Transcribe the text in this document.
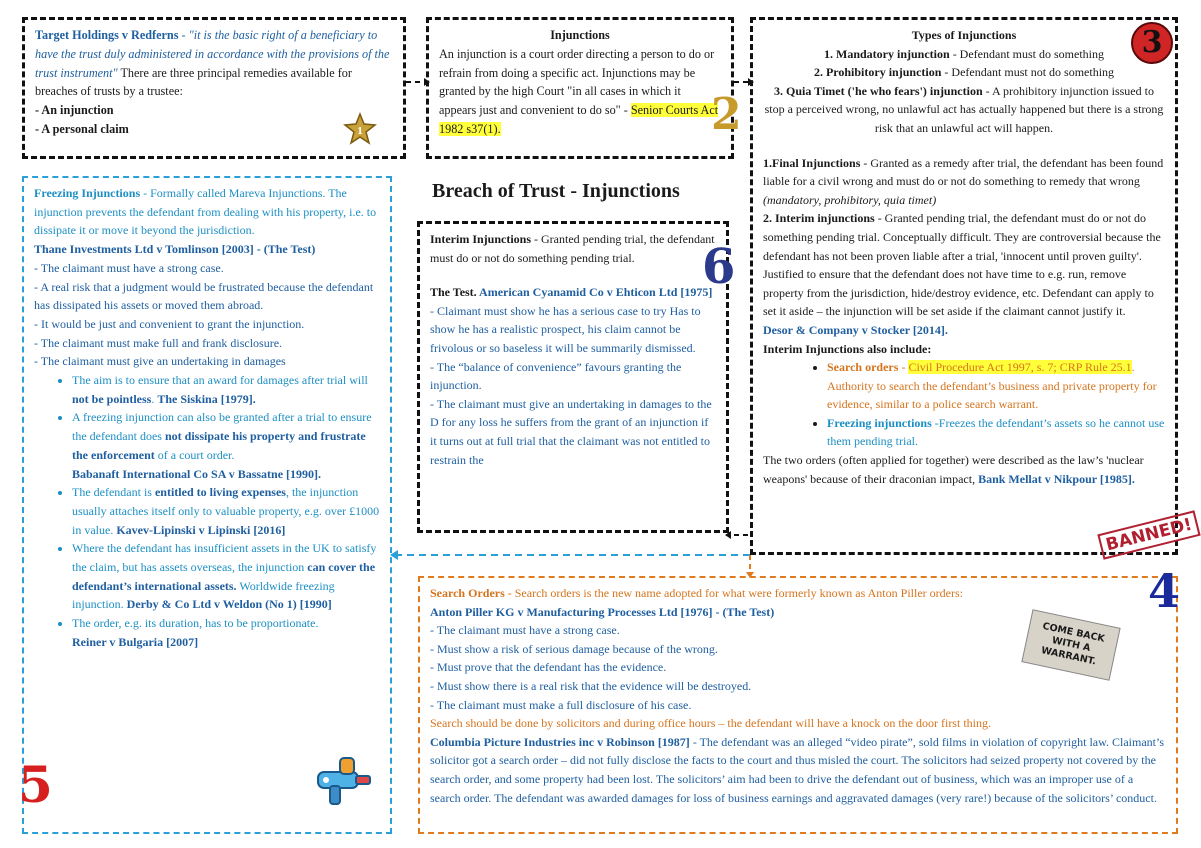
Breach of Trust - Injunctions
Target Holdings v Redferns - "it is the basic right of a beneficiary to have the trust duly administered in accordance with the provisions of the trust instrument" There are three principal remedies available for breaches of trusts by a trustee:
- An injunction
- A personal claim	1
Injunctions
An injunction is a court order directing a person to do or refrain from doing a specific act. Injunctions may be granted by the high Court "in all cases in which it appears just and convenient to do so" - Senior Courts Act 1982 s37(1).	2
Types of Injunctions
1. Mandatory injunction - Defendant must do something
2. Prohibitory injunction - Defendant must not do something
3. Quia Timet ('he who fears') injunction - A prohibitory injunction issued to stop a perceived wrong, no unlawful act has actually happened but there is a strong risk that an unlawful act will happen.
1.Final Injunctions - Granted as a remedy after trial, the defendant has been found liable for a civil wrong and must do or not do something to remedy that wrong (mandatory, prohibitory, quia timet)
2. Interim injunctions - Granted pending trial, the defendant must do or not do something pending trial. Conceptually difficult. They are controversial because the defendant has not been proven liable after a trial, 'innocent until proven guilty'. Justified to ensure that the defendant does not have time to e.g. run, remove property from the jurisdiction, hide/destroy evidence, etc. Defendant can apply to set it aside – the injunction will be set aside if the claimant cannot justify it.
Desor & Company v Stocker [2014].
Interim Injunctions also include:
• Search orders - Civil Procedure Act 1997, s. 7; CRP Rule 25.1. Authority to search the defendant’s business and private property for evidence, similar to a police search warrant.
• Freezing injunctions -Freezes the defendant’s assets so he cannot use them pending trial.
The two orders (often applied for together) were described as the law’s 'nuclear weapons' because of their draconian impact, Bank Mellat v Nikpour [1985].
3
BANNED!
Interim Injunctions - Granted pending trial, the defendant must do or not do something pending trial.
The Test. American Cyanamid Co v Ehticon Ltd [1975]
- Claimant must show he has a serious case to try Has to show he has a realistic prospect, his claim cannot be frivolous or so baseless it will be summarily dismissed.
- The “balance of convenience” favours granting the injunction.
- The claimant must give an undertaking in damages to the D for any loss he suffers from the grant of an injunction if it turns out at full trial that the claimant was not entitled to restrain the
6
Freezing Injunctions - Formally called Mareva Injunctions. The injunction prevents the defendant from dealing with his property, i.e. to dissipate it or move it beyond the jurisdiction.
Thane Investments Ltd v Tomlinson [2003] - (The Test)
- The claimant must have a strong case.
- A real risk that a judgment would be frustrated because the defendant has dissipated his assets or moved them abroad.
- It would be just and convenient to grant the injunction.
- The claimant must make full and frank disclosure.
- The claimant must give an undertaking in damages
• The aim is to ensure that an award for damages after trial will not be pointless. The Siskina [1979].
• A freezing injunction can also be granted after a trial to ensure the defendant does not dissipate his property and frustrate the enforcement of a court order.
Babanaft International Co SA v Bassatne [1990].
• The defendant is entitled to living expenses, the injunction usually attaches itself only to valuable property, e.g. over £1000 in value. Kavev-Lipinski v Lipinski [2016]
• Where the defendant has insufficient assets in the UK to satisfy the claim, but has assets overseas, the injunction can cover the defendant’s international assets. Worldwide freezing injunction. Derby & Co Ltd v Weldon (No 1) [1990]
• The order, e.g. its duration, has to be proportionate.
Reiner v Bulgaria [2007]
5
Search Orders - Search orders is the new name adopted for what were formerly known as Anton Piller orders:
Anton Piller KG v Manufacturing Processes Ltd [1976] - (The Test)
- The claimant must have a strong case.
- Must show a risk of serious damage because of the wrong.
- Must prove that the defendant has the evidence.
- Must show there is a real risk that the evidence will be destroyed.
- The claimant must make a full disclosure of his case.
Search should be done by solicitors and during office hours – the defendant will have a knock on the door first thing.
Columbia Picture Industries inc v Robinson [1987] - The defendant was an alleged “video pirate”, sold films in violation of copyright law. Claimant’s solicitor got a search order – did not fully disclose the facts to the court and thus misled the court. The solicitors had seized property not covered by the search order, and some property had been lost. The solicitors’ aim had been to drive the defendant out of business, which was an improper use of a search order. The defendant was awarded damages for loss of business earnings and aggravated damages (very rare!) because of the solicitors’ conduct.
4
COME BACK WITH A WARRANT.
